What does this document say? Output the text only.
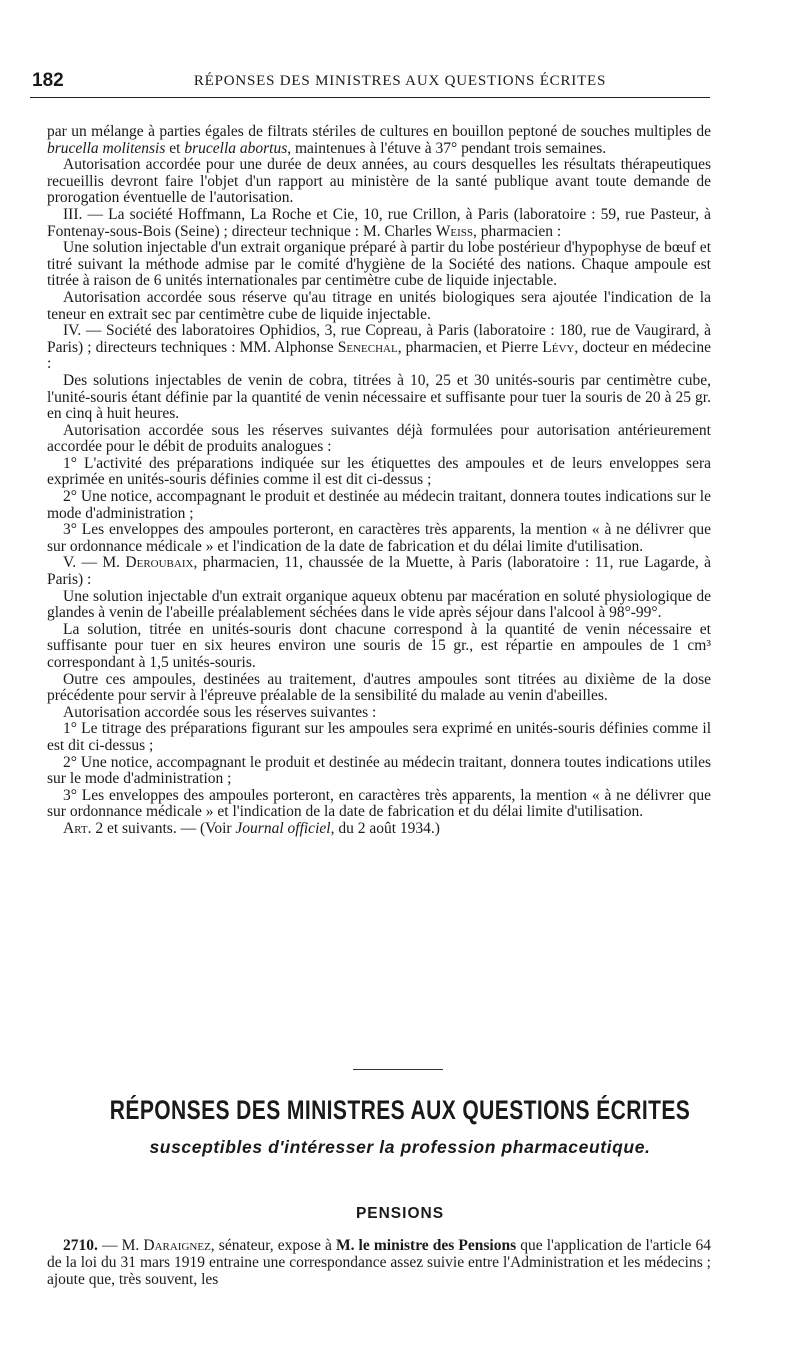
182	RÉPONSES DES MINISTRES AUX QUESTIONS ÉCRITES

par un mélange à parties égales de filtrats stériles de cultures en bouillon peptoné de souches multiples de brucella molitensis et brucella abortus, maintenues à l'étuve à 37° pendant trois semaines.

Autorisation accordée pour une durée de deux années, au cours desquelles les résultats thérapeutiques recueillis devront faire l'objet d'un rapport au ministère de la santé publique avant toute demande de prorogation éventuelle de l'autorisation.

III. — La société Hoffmann, La Roche et Cie, 10, rue Crillon, à Paris (laboratoire : 59, rue Pasteur, à Fontenay-sous-Bois (Seine) ; directeur technique : M. Charles Weiss, pharmacien :

Une solution injectable d'un extrait organique préparé à partir du lobe postérieur d'hypophyse de bœuf et titré suivant la méthode admise par le comité d'hygiène de la Société des nations. Chaque ampoule est titrée à raison de 6 unités internationales par centimètre cube de liquide injectable.

Autorisation accordée sous réserve qu'au titrage en unités biologiques sera ajoutée l'indication de la teneur en extrait sec par centimètre cube de liquide injectable.

IV. — Société des laboratoires Ophidios, 3, rue Copreau, à Paris (laboratoire : 180, rue de Vaugirard, à Paris) ; directeurs techniques : MM. Alphonse Senechal, pharmacien, et Pierre Lévy, docteur en médecine :

Des solutions injectables de venin de cobra, titrées à 10, 25 et 30 unités-souris par centimètre cube, l'unité-souris étant définie par la quantité de venin nécessaire et suffisante pour tuer la souris de 20 à 25 gr. en cinq à huit heures.

Autorisation accordée sous les réserves suivantes déjà formulées pour autorisation antérieurement accordée pour le débit de produits analogues :

1° L'activité des préparations indiquée sur les étiquettes des ampoules et de leurs enveloppes sera exprimée en unités-souris définies comme il est dit ci-dessus ;

2° Une notice, accompagnant le produit et destinée au médecin traitant, donnera toutes indications sur le mode d'administration ;

3° Les enveloppes des ampoules porteront, en caractères très apparents, la mention « à ne délivrer que sur ordonnance médicale » et l'indication de la date de fabrication et du délai limite d'utilisation.

V. — M. Deroubaix, pharmacien, 11, chaussée de la Muette, à Paris (laboratoire : 11, rue Lagarde, à Paris) :

Une solution injectable d'un extrait organique aqueux obtenu par macération en soluté physiologique de glandes à venin de l'abeille préalablement séchées dans le vide après séjour dans l'alcool à 98°-99°.

La solution, titrée en unités-souris dont chacune correspond à la quantité de venin nécessaire et suffisante pour tuer en six heures environ une souris de 15 gr., est répartie en ampoules de 1 cm³ correspondant à 1,5 unités-souris.

Outre ces ampoules, destinées au traitement, d'autres ampoules sont titrées au dixième de la dose précédente pour servir à l'épreuve préalable de la sensibilité du malade au venin d'abeilles.

Autorisation accordée sous les réserves suivantes :

1° Le titrage des préparations figurant sur les ampoules sera exprimé en unités-souris définies comme il est dit ci-dessus ;

2° Une notice, accompagnant le produit et destinée au médecin traitant, donnera toutes indications utiles sur le mode d'administration ;

3° Les enveloppes des ampoules porteront, en caractères très apparents, la mention « à ne délivrer que sur ordonnance médicale » et l'indication de la date de fabrication et du délai limite d'utilisation.

Art. 2 et suivants. — (Voir Journal officiel, du 2 août 1934.)

RÉPONSES DES MINISTRES AUX QUESTIONS ÉCRITES
susceptibles d'intéresser la profession pharmaceutique.
PENSIONS

2710. — M. Daraignez, sénateur, expose à M. le ministre des Pensions que l'application de l'article 64 de la loi du 31 mars 1919 entraine une correspondance assez suivie entre l'Administration et les médecins ; ajoute que, très souvent, les
